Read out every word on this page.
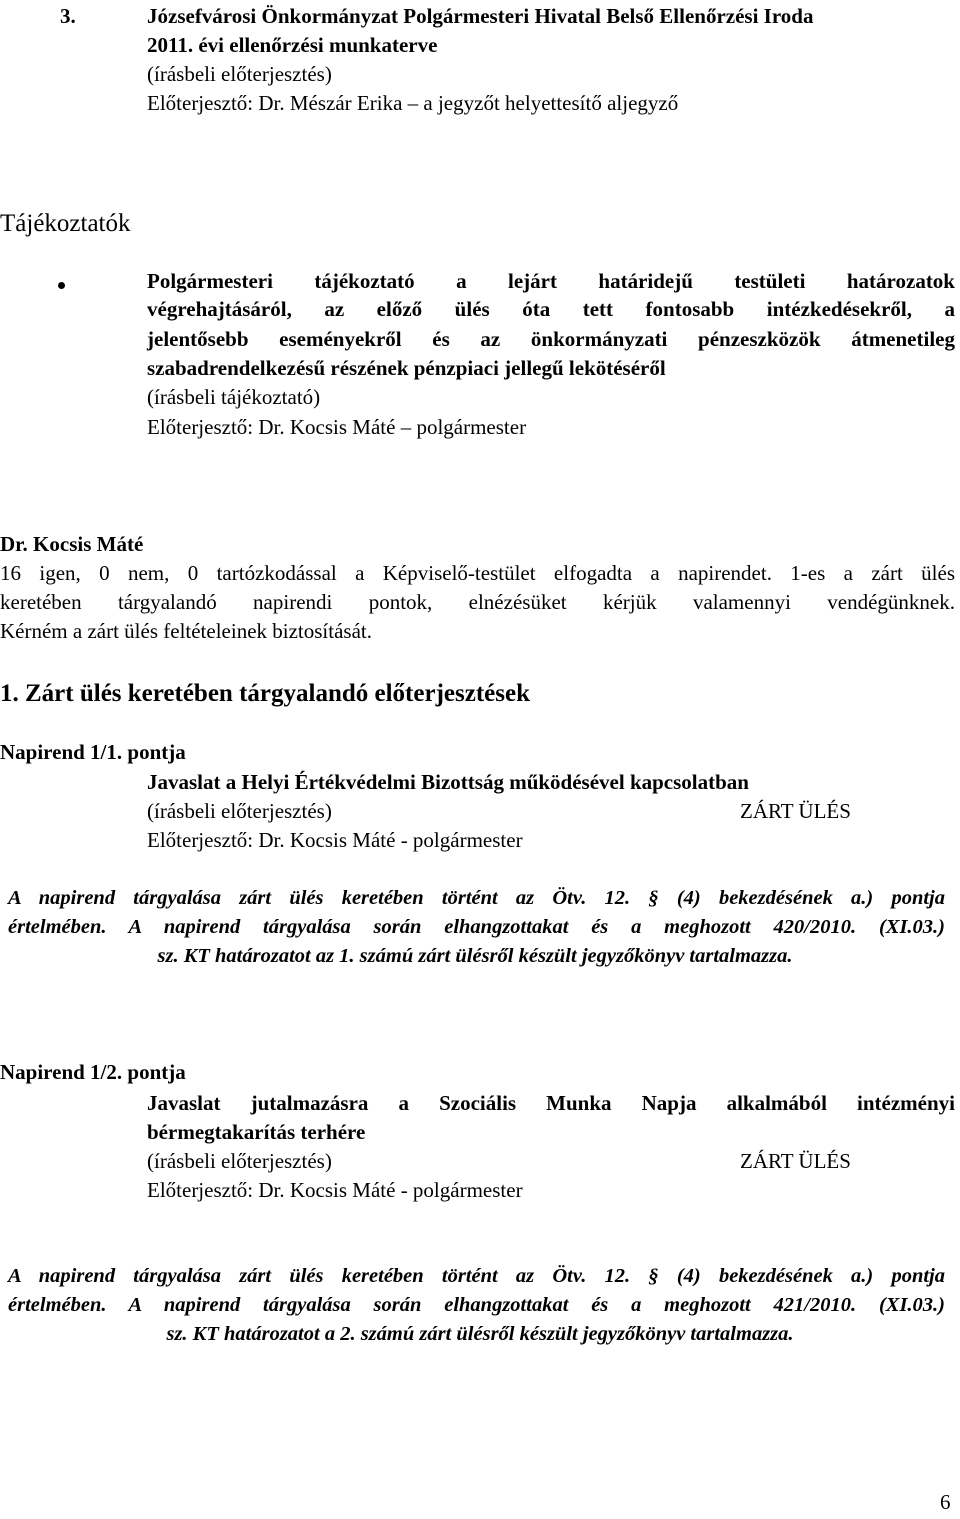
3.	Józsefvárosi Önkormányzat Polgármesteri Hivatal Belső Ellenőrzési Iroda
2011. évi ellenőrzési munkaterve
(írásbeli előterjesztés)
Előterjesztő: Dr. Mészár Erika – a jegyzőt helyettesítő aljegyző
Tájékoztatók
Polgármesteri tájékoztató a lejárt határidejű testületi határozatok
végrehajtásáról, az előző ülés óta tett fontosabb intézkedésekről, a
jelentősebb eseményekről és az önkormányzati pénzeszközök átmenetileg
szabadrendelkezésű részének pénzpiaci jellegű lekötéséről
(írásbeli tájékoztató)
Előterjesztő: Dr. Kocsis Máté – polgármester
Dr. Kocsis Máté
16 igen, 0 nem, 0 tartózkodással a Képviselő-testület elfogadta a napirendet. 1-es a zárt ülés
keretében tárgyalandó napirendi pontok, elnézésüket kérjük valamennyi vendégünknek.
Kérném a zárt ülés feltételeinek biztosítását.
1. Zárt ülés keretében tárgyalandó előterjesztések
Napirend 1/1. pontja
Javaslat a Helyi Értékvédelmi Bizottság működésével kapcsolatban
(írásbeli előterjesztés)	ZÁRT ÜLÉS
Előterjesztő: Dr. Kocsis Máté - polgármester
A napirend tárgyalása zárt ülés keretében történt az Ötv. 12. § (4) bekezdésének a.) pontja
értelmében. A napirend tárgyalása során elhangzottakat és a meghozott 420/2010. (XI.03.)
sz. KT határozatot az 1. számú zárt ülésről készült jegyzőkönyv tartalmazza.
Napirend 1/2. pontja
Javaslat jutalmazásra a Szociális Munka Napja alkalmából intézményi
bérmegtakarítás terhére
(írásbeli előterjesztés)	ZÁRT ÜLÉS
Előterjesztő: Dr. Kocsis Máté - polgármester
A napirend tárgyalása zárt ülés keretében történt az Ötv. 12. § (4) bekezdésének a.) pontja
értelmében. A napirend tárgyalása során elhangzottakat és a meghozott 421/2010. (XI.03.)
sz. KT határozatot a 2. számú zárt ülésről készült jegyzőkönyv tartalmazza.
6
